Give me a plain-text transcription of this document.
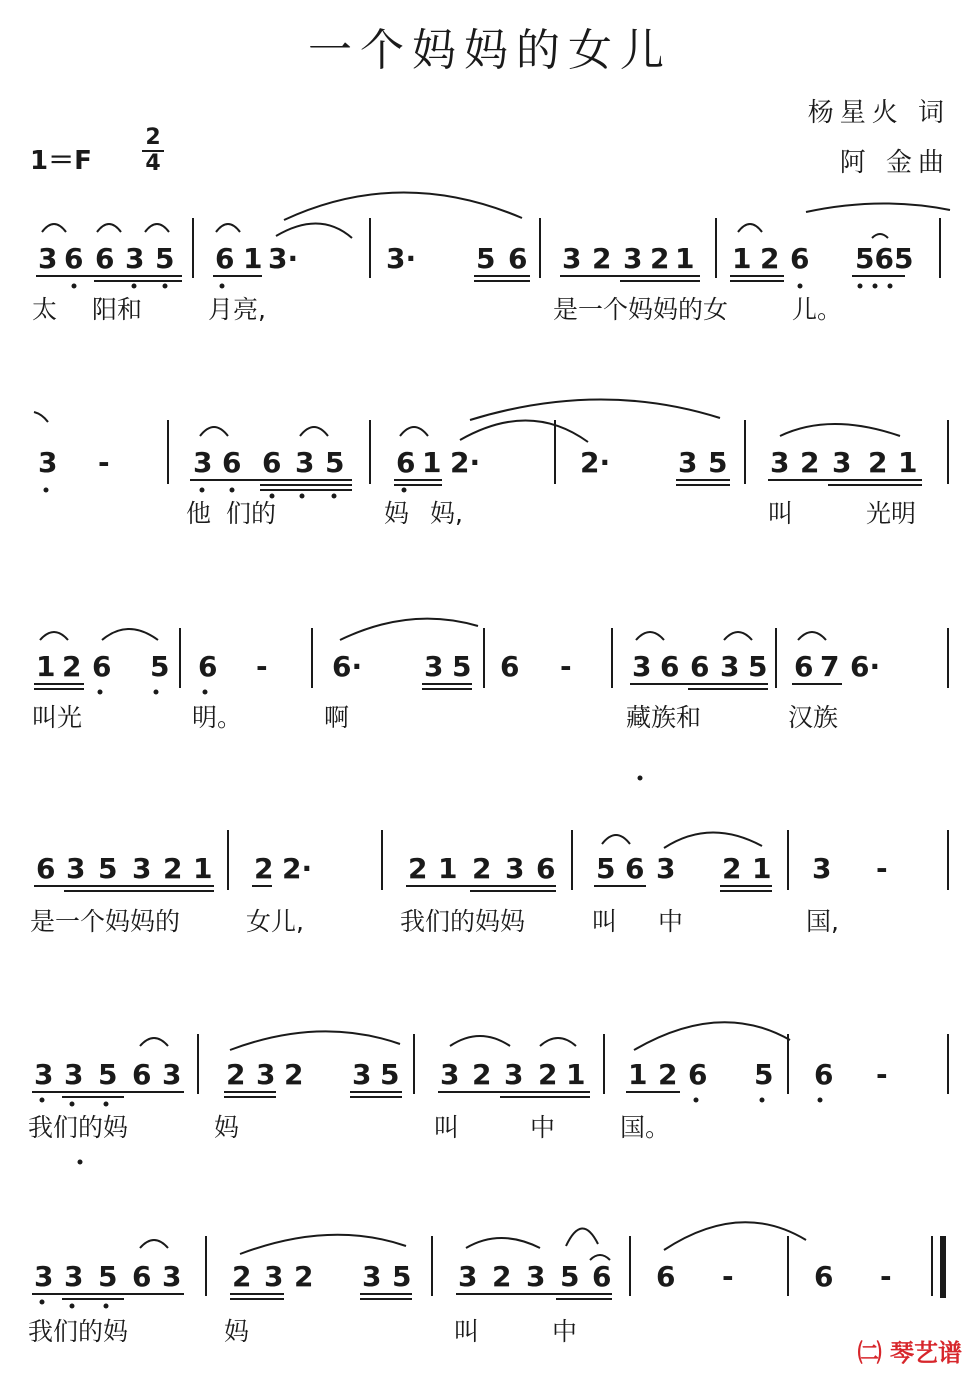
一个妈妈的女儿
杨星火 词
阿 金曲
1＝F
2
4
3 6 6 3 5 6 1 3·	3· 5 6 3 2 3 2 1 1 2 6 565
3 -	3 6 6 3 5 6 1 2·	2· 3 5 3 2 3 2 1
1 2 6 5 6 - 6· 3 5 6 - 3 6 6 3 5 6 7 6·
6 3 5 3 2 1 2 2·	2 1 2 3 6 5 6 3 2 1 3 -
3 3 5 6 3 2 3 2 3 5 3 2 3 2 1 1 2 6 5 6 -
3 3 5 6 3 2 3 2 3 5 3 2 3 5 6 6 -	6 -
太 阳和	月亮,	是一个妈妈的女	儿。
他 们的	妈 妈,	叫	光明
叫光	明。	啊	藏族和	汉族
是一个妈妈的	女儿,	我们的妈妈	叫 中	国,
我们的妈	妈	叫	中	国。
我们的妈	妈	叫	中
㈡ 琴艺谱
